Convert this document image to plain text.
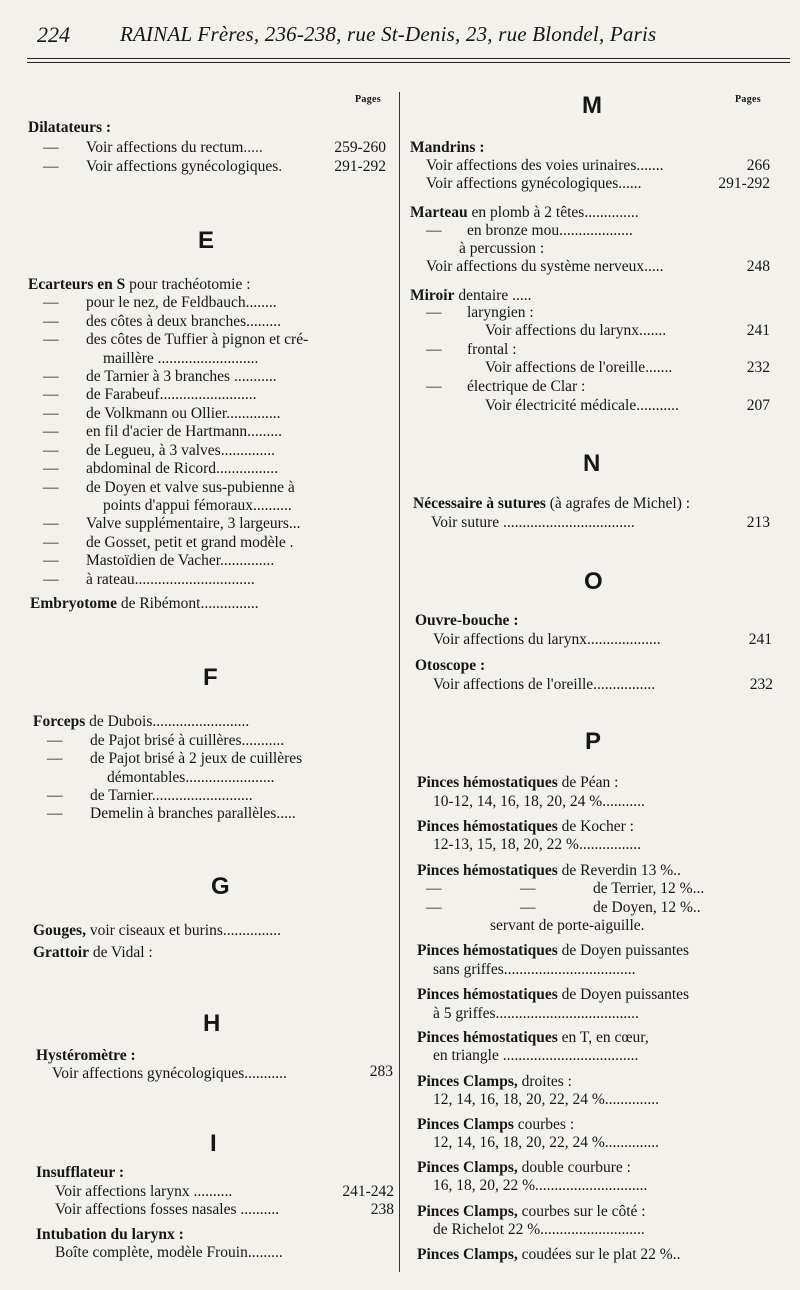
224 RAINAL Frères, 236-238, rue St-Denis, 23, rue Blondel, Paris
Pages	Pages
Dilatateurs :
— Voir affections du rectum.....	259-260
— Voir affections gynécologiques.	291-292
E
Ecarteurs en S pour trachéotomie :
— pour le nez, de Feldbauch........
— des côtes à deux branches.........
— des côtes de Tuffier à pignon et cré-
maillère ..........................
— de Tarnier à 3 branches ...........
— de Farabeuf.........................
— de Volkmann ou Ollier..............
— en fil d'acier de Hartmann.........
— de Legueu, à 3 valves..............
— abdominal de Ricord................
— de Doyen et valve sus-pubienne à
points d'appui fémoraux..........
— Valve supplémentaire, 3 largeurs...
— de Gosset, petit et grand modèle .
— Mastoïdien de Vacher..............
— à rateau...............................
Embryotome de Ribémont...............
F
Forceps de Dubois.........................
— de Pajot brisé à cuillères...........
— de Pajot brisé à 2 jeux de cuillères
démontables.......................
— de Tarnier..........................
— Demelin à branches parallèles.....
G
Gouges, voir ciseaux et burins...............
Grattoir de Vidal :
H
Hystéromètre :
Voir affections gynécologiques...........	283
I
Insufflateur :
Voir affections larynx ..........	241-242
Voir affections fosses nasales ..........	238
Intubation du larynx :
Boîte complète, modèle Frouin.........
M
Mandrins :
Voir affections des voies urinaires.......	266
Voir affections gynécologiques......	291-292
Marteau en plomb à 2 têtes..............
— en bronze mou...................
à percussion :
Voir affections du système nerveux.....	248
Miroir dentaire .....
— laryngien :
Voir affections du larynx.......	241
— frontal :
Voir affections de l'oreille.......	232
— électrique de Clar :
Voir électricité médicale...........	207
N
Nécessaire à sutures (à agrafes de Michel) :
Voir suture ..................................	213
O
Ouvre-bouche :
Voir affections du larynx...................	241
Otoscope :
Voir affections de l'oreille................	232
P
Pinces hémostatiques de Péan :
10-12, 14, 16, 18, 20, 24 %...........
Pinces hémostatiques de Kocher :
12-13, 15, 18, 20, 22 %................
Pinces hémostatiques de Reverdin 13 %..
—	—	de Terrier, 12 %...
—	—	de Doyen, 12 %..
servant de porte-aiguille.
Pinces hémostatiques de Doyen puissantes
sans griffes..................................
Pinces hémostatiques de Doyen puissantes
à 5 griffes.....................................
Pinces hémostatiques en T, en cœur,
en triangle ...................................
Pinces Clamps, droites :
12, 14, 16, 18, 20, 22, 24 %..............
Pinces Clamps courbes :
12, 14, 16, 18, 20, 22, 24 %..............
Pinces Clamps, double courbure :
16, 18, 20, 22 %.............................
Pinces Clamps, courbes sur le côté :
de Richelot 22 %...........................
Pinces Clamps, coudées sur le plat 22 %..
